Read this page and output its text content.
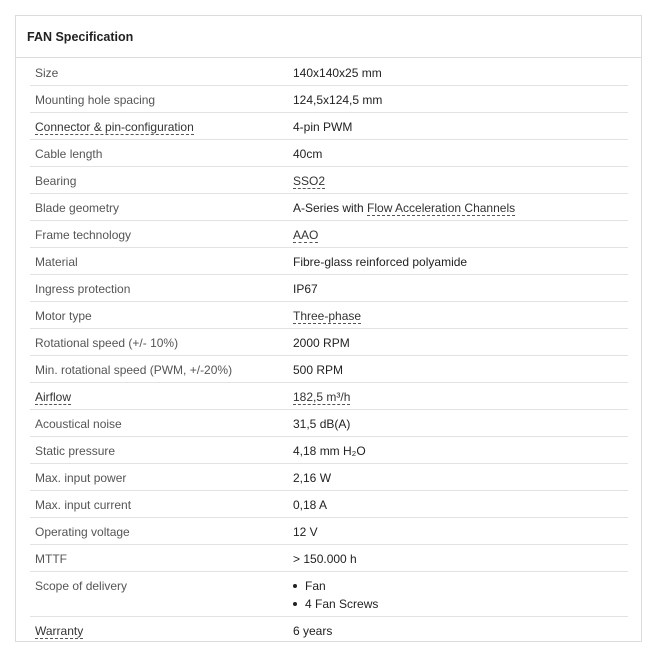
FAN Specification
Size	140x140x25 mm
Mounting hole spacing	124,5x124,5 mm
Connector & pin-configuration	4-pin PWM
Cable length	40cm
Bearing	SSO2
Blade geometry	A-Series with Flow Acceleration Channels
Frame technology	AAO
Material	Fibre-glass reinforced polyamide
Ingress protection	IP67
Motor type	Three-phase
Rotational speed (+/- 10%)	2000 RPM
Min. rotational speed (PWM, +/-20%)	500 RPM
Airflow	182,5 m³/h
Acoustical noise	31,5 dB(A)
Static pressure	4,18 mm H₂O
Max. input power	2,16 W
Max. input current	0,18 A
Operating voltage	12 V
MTTF	> 150.000 h
Scope of delivery	Fan
4 Fan Screws
Warranty	6 years
